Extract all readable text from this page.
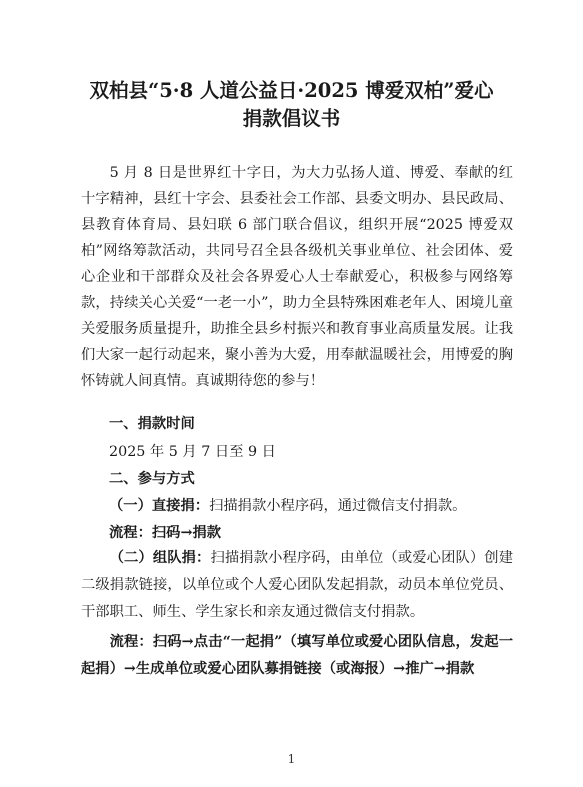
双柏县“5·8 人道公益日·2025 博爱双柏”爱心
捐款倡议书
5 月 8 日是世界红十字日，为大力弘扬人道、博爱、奉献的红十字精神，县红十字会、县委社会工作部、县委文明办、县民政局、县教育体育局、县妇联 6 部门联合倡议，组织开展“2025 博爱双柏”网络筹款活动，共同号召全县各级机关事业单位、社会团体、爱心企业和干部群众及社会各界爱心人士奉献爱心，积极参与网络筹款，持续关心关爱“一老一小”，助力全县特殊困难老年人、困境儿童关爱服务质量提升，助推全县乡村振兴和教育事业高质量发展。让我们大家一起行动起来，聚小善为大爱，用奉献温暖社会，用博爱的胸怀铸就人间真情。真诚期待您的参与！
一、捐款时间
2025 年 5 月 7 日至 9 日
二、参与方式
（一）直接捐：扫描捐款小程序码，通过微信支付捐款。
流程：扫码→捐款
（二）组队捐：扫描捐款小程序码，由单位（或爱心团队）创建二级捐款链接，以单位或个人爱心团队发起捐款，动员本单位党员、干部职工、师生、学生家长和亲友通过微信支付捐款。
流程：扫码→点击“一起捐”（填写单位或爱心团队信息，发起一起捐）→生成单位或爱心团队募捐链接（或海报）→推广→捐款
1
